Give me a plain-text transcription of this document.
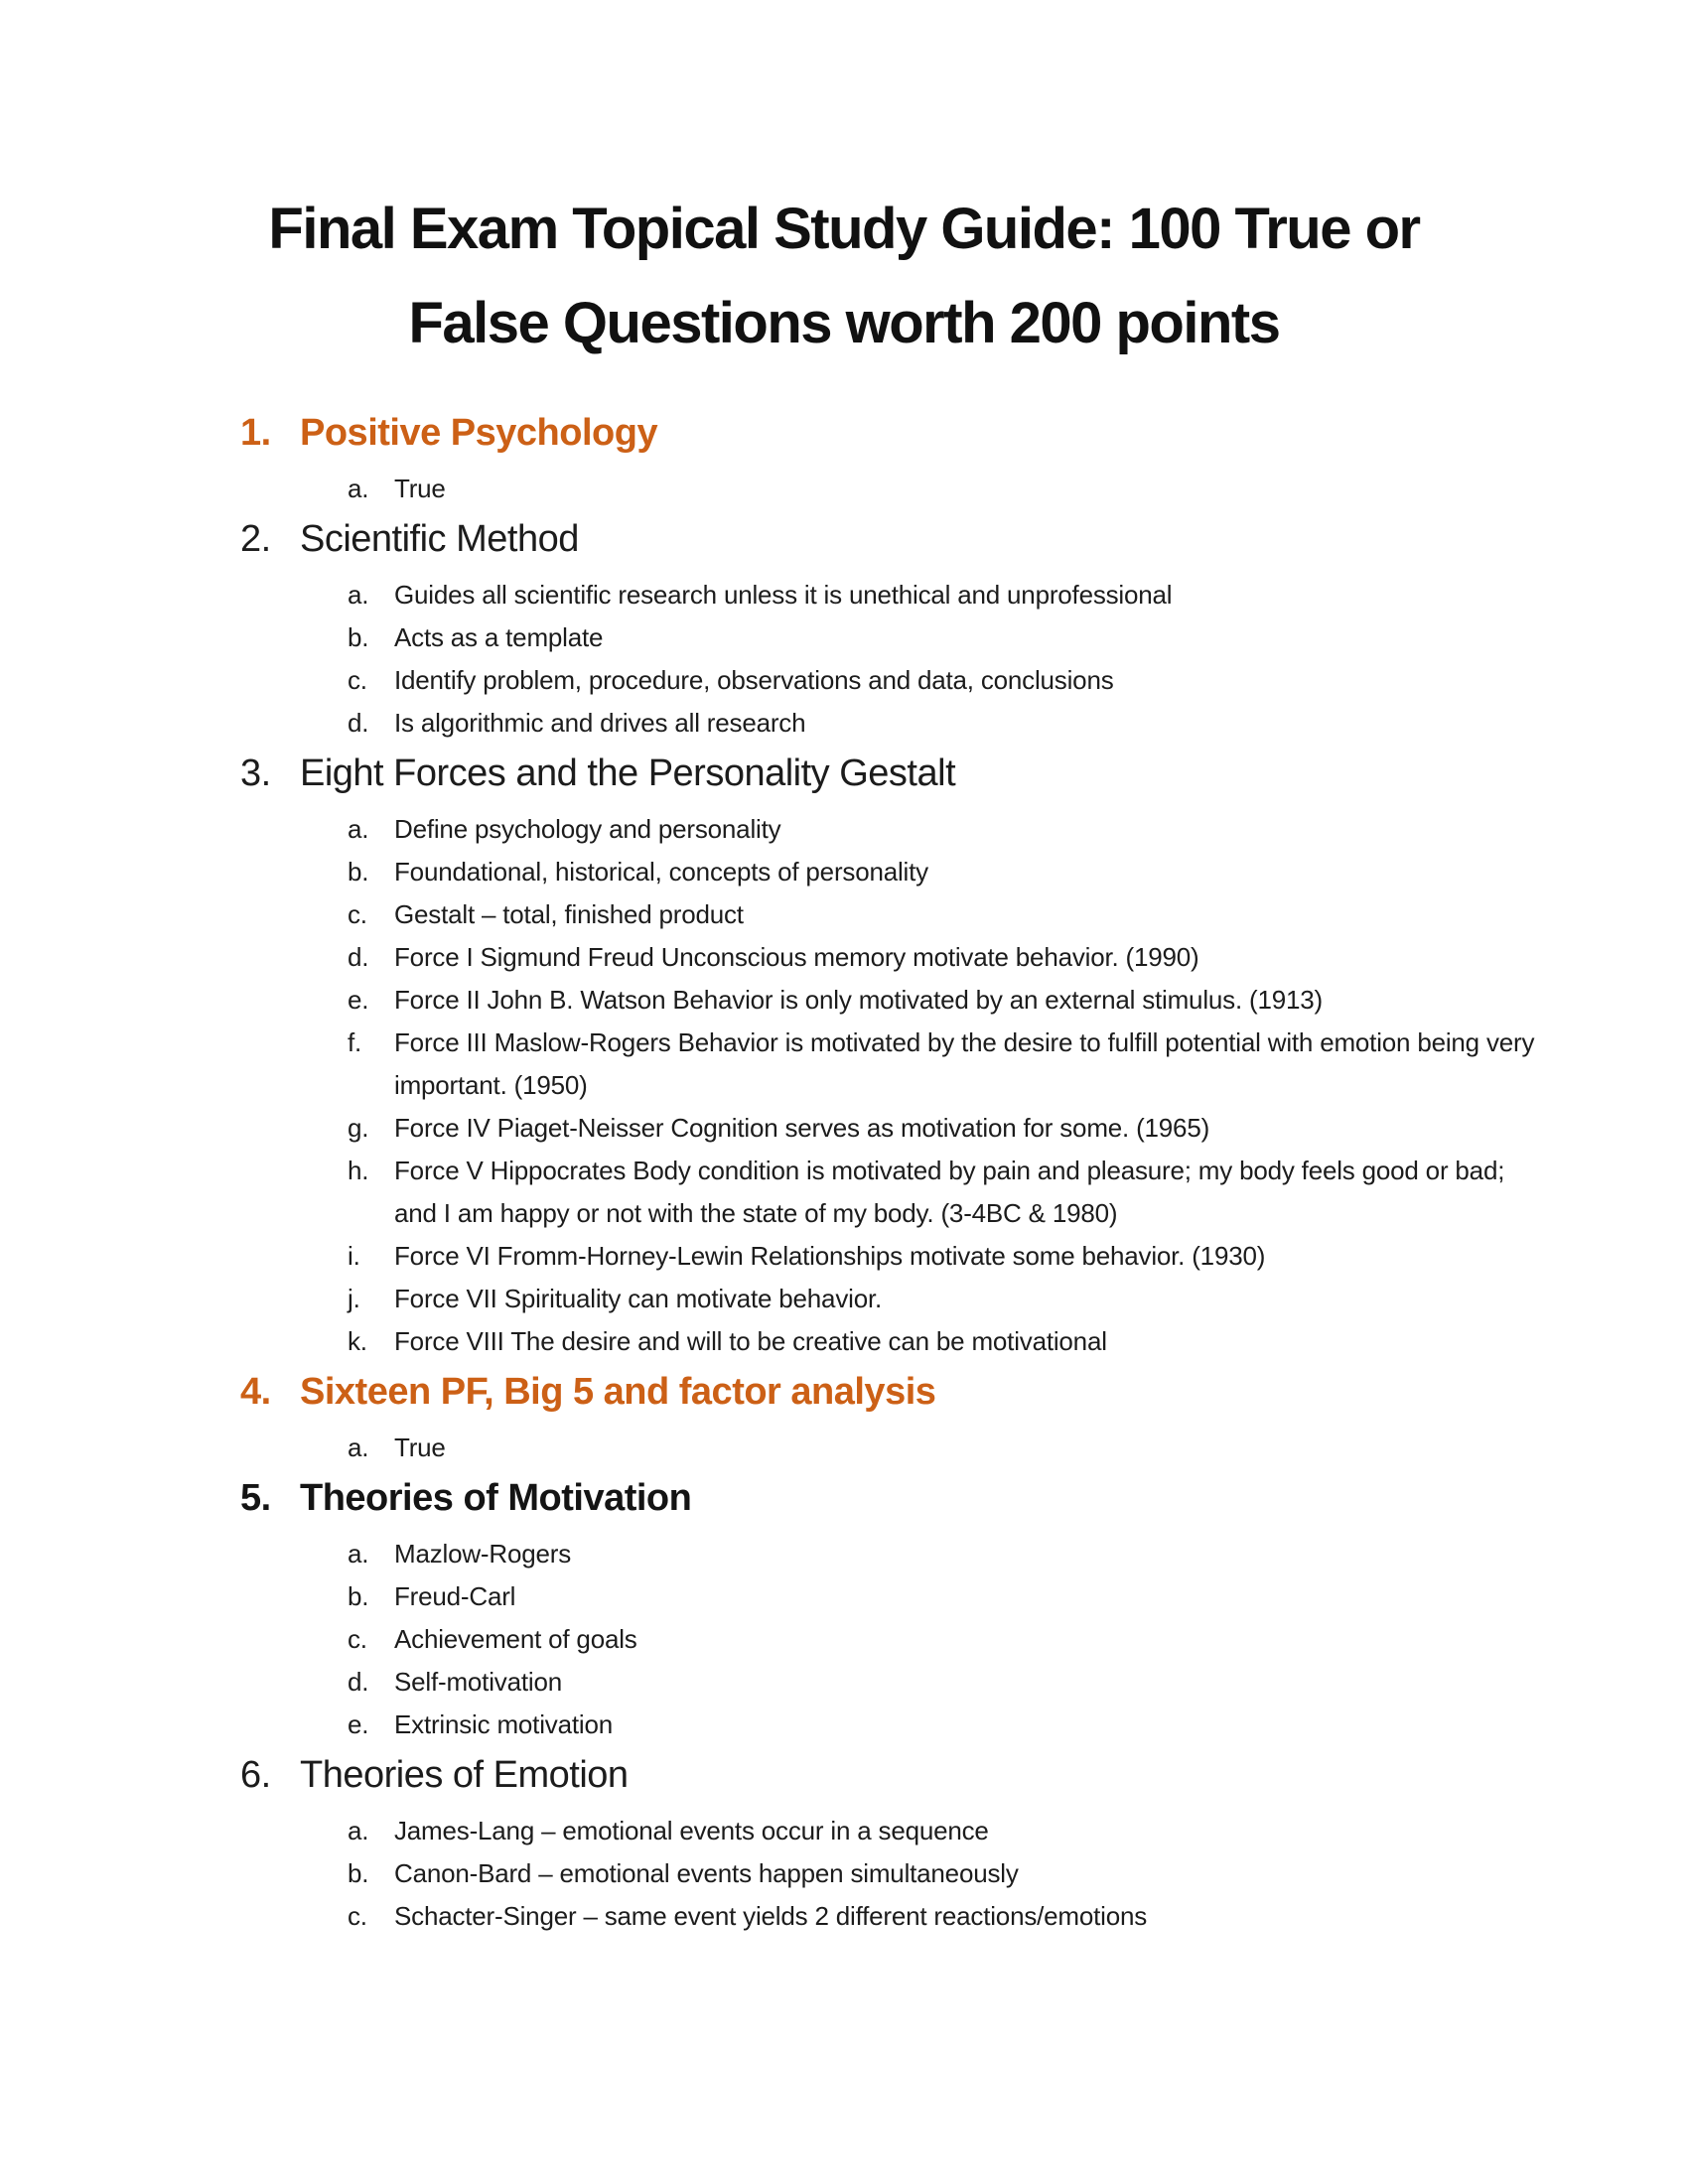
Final Exam Topical Study Guide: 100 True or
False Questions worth 200 points
1. Positive Psychology
a. True
2. Scientific Method
a. Guides all scientific research unless it is unethical and unprofessional
b. Acts as a template
c.	Identify problem, procedure, observations and data, conclusions
d. Is algorithmic and drives all research
3. Eight Forces and the Personality Gestalt
a. Define psychology and personality
b. Foundational, historical, concepts of personality
c.	Gestalt – total, finished product
d. Force I Sigmund Freud Unconscious memory motivate behavior. (1990)
e. Force II John B. Watson Behavior is only motivated by an external stimulus. (1913)
f.	Force III Maslow-Rogers Behavior is motivated by the desire to fulfill potential with emotion being very important. (1950)
g. Force IV Piaget-Neisser Cognition serves as motivation for some. (1965)
h. Force V Hippocrates Body condition is motivated by pain and pleasure; my body feels good or bad; and I am happy or not with the state of my body. (3-4BC & 1980)
i.	Force VI Fromm-Horney-Lewin Relationships motivate some behavior. (1930)
j.	Force VII Spirituality can motivate behavior.
k.	Force VIII The desire and will to be creative can be motivational
4. Sixteen PF, Big 5 and factor analysis
a. True
5. Theories of Motivation
a. Mazlow-Rogers
b. Freud-Carl
c.	Achievement of goals
d. Self-motivation
e. Extrinsic motivation
6. Theories of Emotion
a. James-Lang – emotional events occur in a sequence
b. Canon-Bard – emotional events happen simultaneously
c.	Schacter-Singer – same event yields 2 different reactions/emotions
